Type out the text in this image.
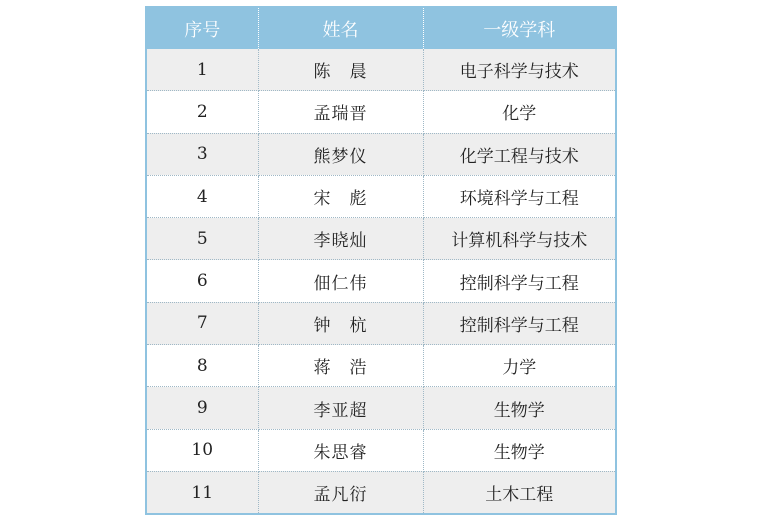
序号	姓名	一级学科
1	陈　晨	电子科学与技术
2	孟瑞晋	化学
3	熊梦仪	化学工程与技术
4	宋　彪	环境科学与工程
5	李晓灿	计算机科学与技术
6	佃仁伟	控制科学与工程
7	钟　杭	控制科学与工程
8	蒋　浩	力学
9	李亚超	生物学
10	朱思睿	生物学
11	孟凡衍	土木工程
